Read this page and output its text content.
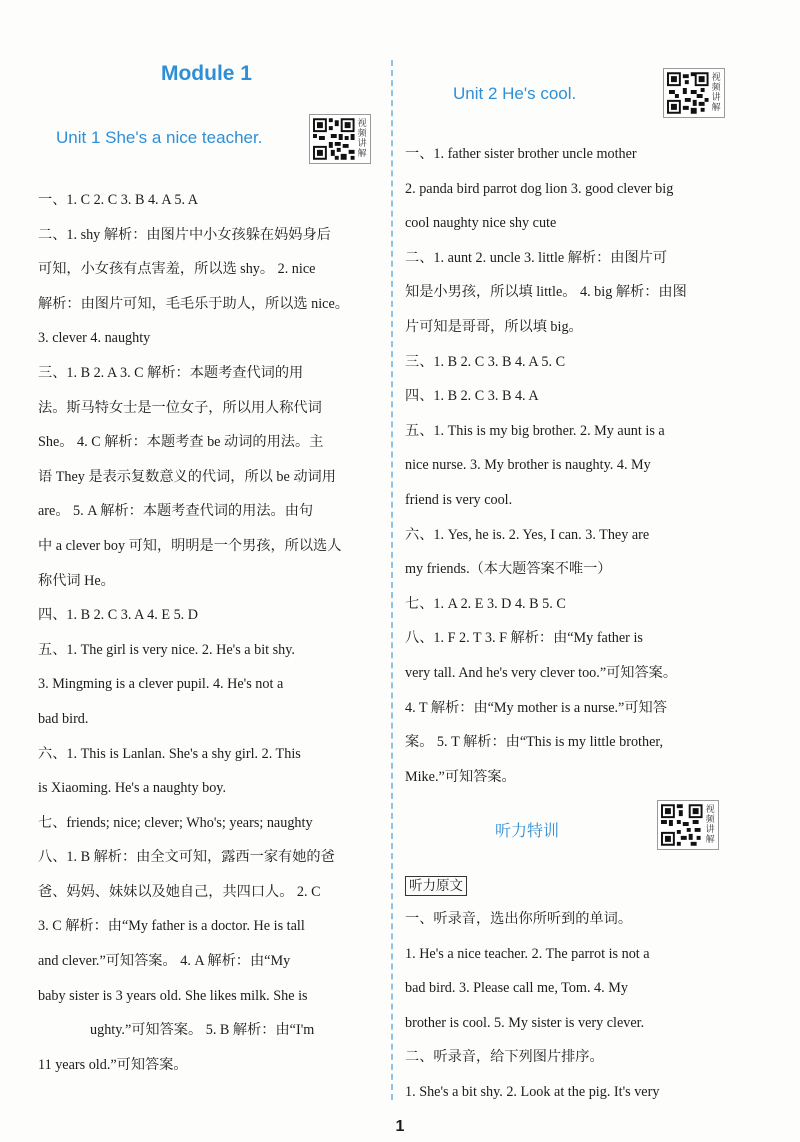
Module 1
Unit 1 She's a nice teacher.
视频讲解
一、1. C 2. C 3. B 4. A 5. A
二、1. shy 解析：由图片中小女孩躲在妈妈身后
可知，小女孩有点害羞，所以选 shy。 2. nice
解析：由图片可知，毛毛乐于助人，所以选 nice。
3. clever 4. naughty
三、1. B 2. A 3. C 解析：本题考查代词的用
法。斯马特女士是一位女子，所以用人称代词
She。 4. C 解析：本题考查 be 动词的用法。主
语 They 是表示复数意义的代词，所以 be 动词用
are。 5. A 解析：本题考查代词的用法。由句
中 a clever boy 可知，明明是一个男孩，所以选人
称代词 He。
四、1. B 2. C 3. A 4. E 5. D
五、1. The girl is very nice. 2. He's a bit shy.
3. Mingming is a clever pupil. 4. He's not a
bad bird.
六、1. This is Lanlan. She's a shy girl. 2. This
is Xiaoming. He's a naughty boy.
七、friends; nice; clever; Who's; years; naughty
八、1. B 解析：由全文可知，露西一家有她的爸
爸、妈妈、妹妹以及她自己，共四口人。 2. C
3. C 解析：由“My father is a doctor. He is tall
and clever.”可知答案。 4. A 解析：由“My
baby sister is 3 years old. She likes milk. She is
ughty.”可知答案。 5. B 解析：由“I'm
11 years old.”可知答案。
Unit 2 He's cool.
视频讲解
一、1. father sister brother uncle mother
2. panda bird parrot dog lion 3. good clever big
cool naughty nice shy cute
二、1. aunt 2. uncle 3. little 解析：由图片可
知是小男孩，所以填 little。 4. big 解析：由图
片可知是哥哥，所以填 big。
三、1. B 2. C 3. B 4. A 5. C
四、1. B 2. C 3. B 4. A
五、1. This is my big brother. 2. My aunt is a
nice nurse. 3. My brother is naughty. 4. My
friend is very cool.
六、1. Yes, he is. 2. Yes, I can. 3. They are
my friends.（本大题答案不唯一）
七、1. A 2. E 3. D 4. B 5. C
八、1. F 2. T 3. F 解析：由“My father is
very tall. And he's very clever too.”可知答案。
4. T 解析：由“My mother is a nurse.”可知答
案。 5. T 解析：由“This is my little brother,
Mike.”可知答案。
听力特训
视频讲解
听力原文
一、听录音，选出你所听到的单词。
1. He's a nice teacher. 2. The parrot is not a
bad bird. 3. Please call me, Tom. 4. My
brother is cool. 5. My sister is very clever.
二、听录音，给下列图片排序。
1. She's a bit shy. 2. Look at the pig. It's very
1
